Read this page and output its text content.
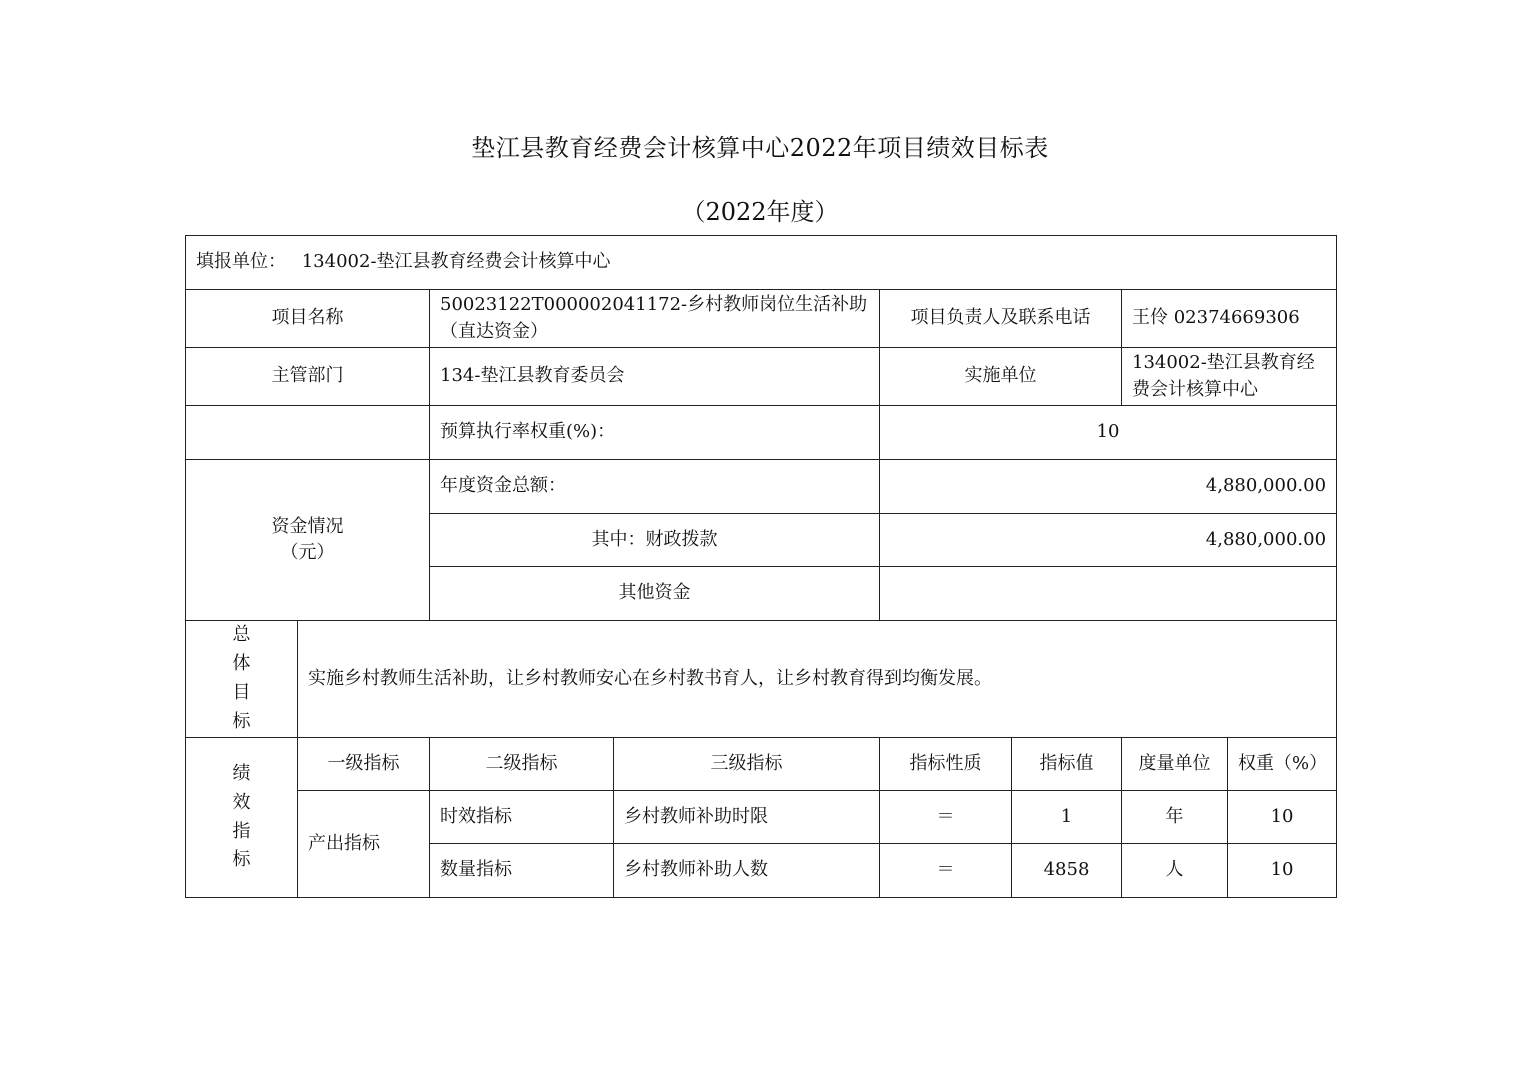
垫江县教育经费会计核算中心2022年项目绩效目标表
（2022年度）
填报单位： 134002-垫江县教育经费会计核算中心							
项目名称		50023122T000002041172-乡村教师岗位生活补助（直达资金）		项目负责人及联系电话		王伶 02374669306	
主管部门		134-垫江县教育委员会		实施单位		134002-垫江县教育经费会计核算中心	
		预算执行率权重(%)：		10			

资金情况
（元）		年度资金总额：		4,880,000.00			
		其中：财政拨款		4,880,000.00			
		其他资金					

总
体
目
标	实施乡村教师生活补助，让乡村教师安心在乡村教书育人，让乡村教育得到均衡发展。						

绩
效
指
标	一级指标	二级指标	三级指标	指标性质	指标值	度量单位	权重（%）
	产出指标	时效指标	乡村教师补助时限	＝	1	年	10
		数量指标	乡村教师补助人数	＝	4858	人	10
